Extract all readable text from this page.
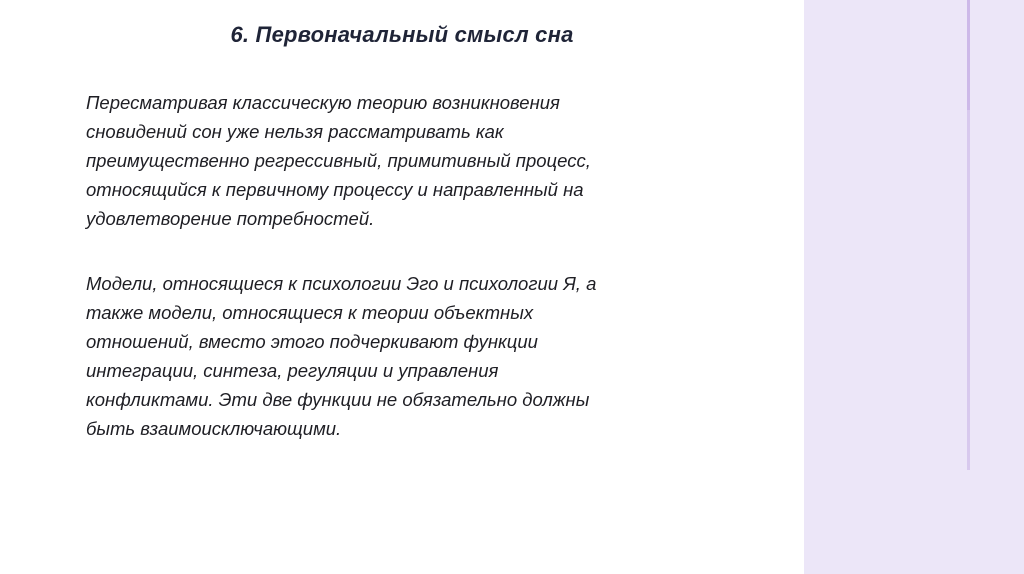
6. Первоначальный смысл сна

Пересматривая классическую теорию возникновения
сновидений сон уже нельзя рассматривать как
преимущественно регрессивный, примитивный процесс,
относящийся к первичному процессу и направленный на
удовлетворение потребностей.

Модели, относящиеся к психологии Эго и психологии Я, а
также модели, относящиеся к теории объектных
отношений, вместо этого подчеркивают функции
интеграции, синтеза, регуляции и управления
конфликтами. Эти две функции не обязательно должны
быть взаимоисключающими.
